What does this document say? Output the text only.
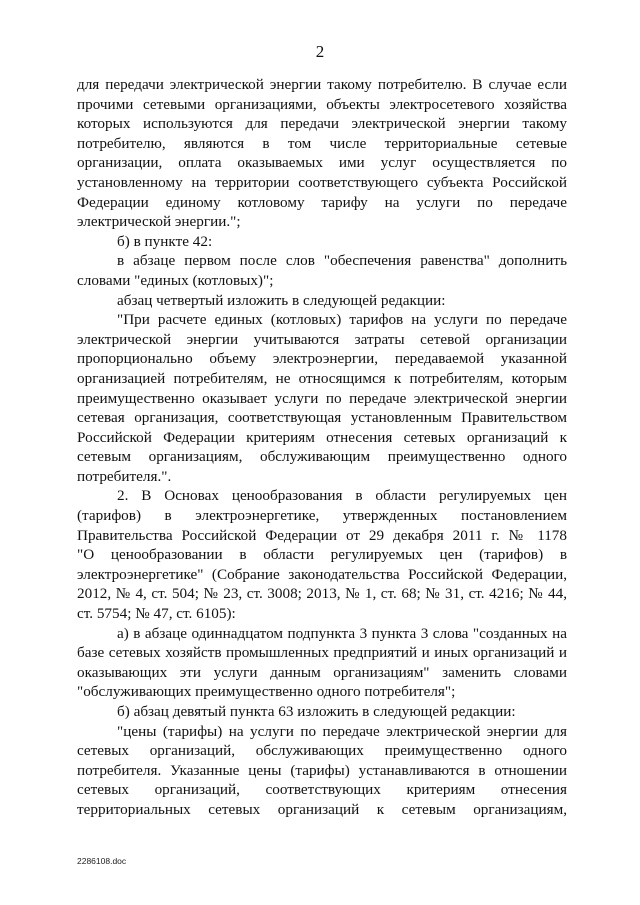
2
для передачи электрической энергии такому потребителю. В случае если
прочими сетевыми организациями, объекты электросетевого хозяйства
которых используются для передачи электрической энергии такому
потребителю, являются в том числе территориальные сетевые
организации, оплата оказываемых ими услуг осуществляется по
установленному на территории соответствующего субъекта Российской
Федерации единому котловому тарифу на услуги по передаче
электрической энергии.";
б) в пункте 42:
в абзаце первом после слов "обеспечения равенства" дополнить
словами "единых (котловых)";
абзац четвертый изложить в следующей редакции:
"При расчете единых (котловых) тарифов на услуги по передаче
электрической энергии учитываются затраты сетевой организации
пропорционально объему электроэнергии, передаваемой указанной
организацией потребителям, не относящимся к потребителям, которым
преимущественно оказывает услуги по передаче электрической энергии
сетевая организация, соответствующая установленным Правительством
Российской Федерации критериям отнесения сетевых организаций к
сетевым организациям, обслуживающим преимущественно одного
потребителя.".
2. В Основах ценообразования в области регулируемых цен
(тарифов) в электроэнергетике, утвержденных постановлением
Правительства Российской Федерации от 29 декабря 2011 г. № 1178
"О ценообразовании в области регулируемых цен (тарифов) в
электроэнергетике" (Собрание законодательства Российской Федерации,
2012, № 4, ст. 504; № 23, ст. 3008; 2013, № 1, ст. 68; № 31, ст. 4216; № 44,
ст. 5754; № 47, ст. 6105):
а) в абзаце одиннадцатом подпункта 3 пункта 3 слова "созданных на
базе сетевых хозяйств промышленных предприятий и иных организаций и
оказывающих эти услуги данным организациям" заменить словами
"обслуживающих преимущественно одного потребителя";
б) абзац девятый пункта 63 изложить в следующей редакции:
"цены (тарифы) на услуги по передаче электрической энергии для
сетевых организаций, обслуживающих преимущественно одного
потребителя. Указанные цены (тарифы) устанавливаются в отношении
сетевых организаций, соответствующих критериям отнесения
территориальных сетевых организаций к сетевым организациям,
2286108.doc
